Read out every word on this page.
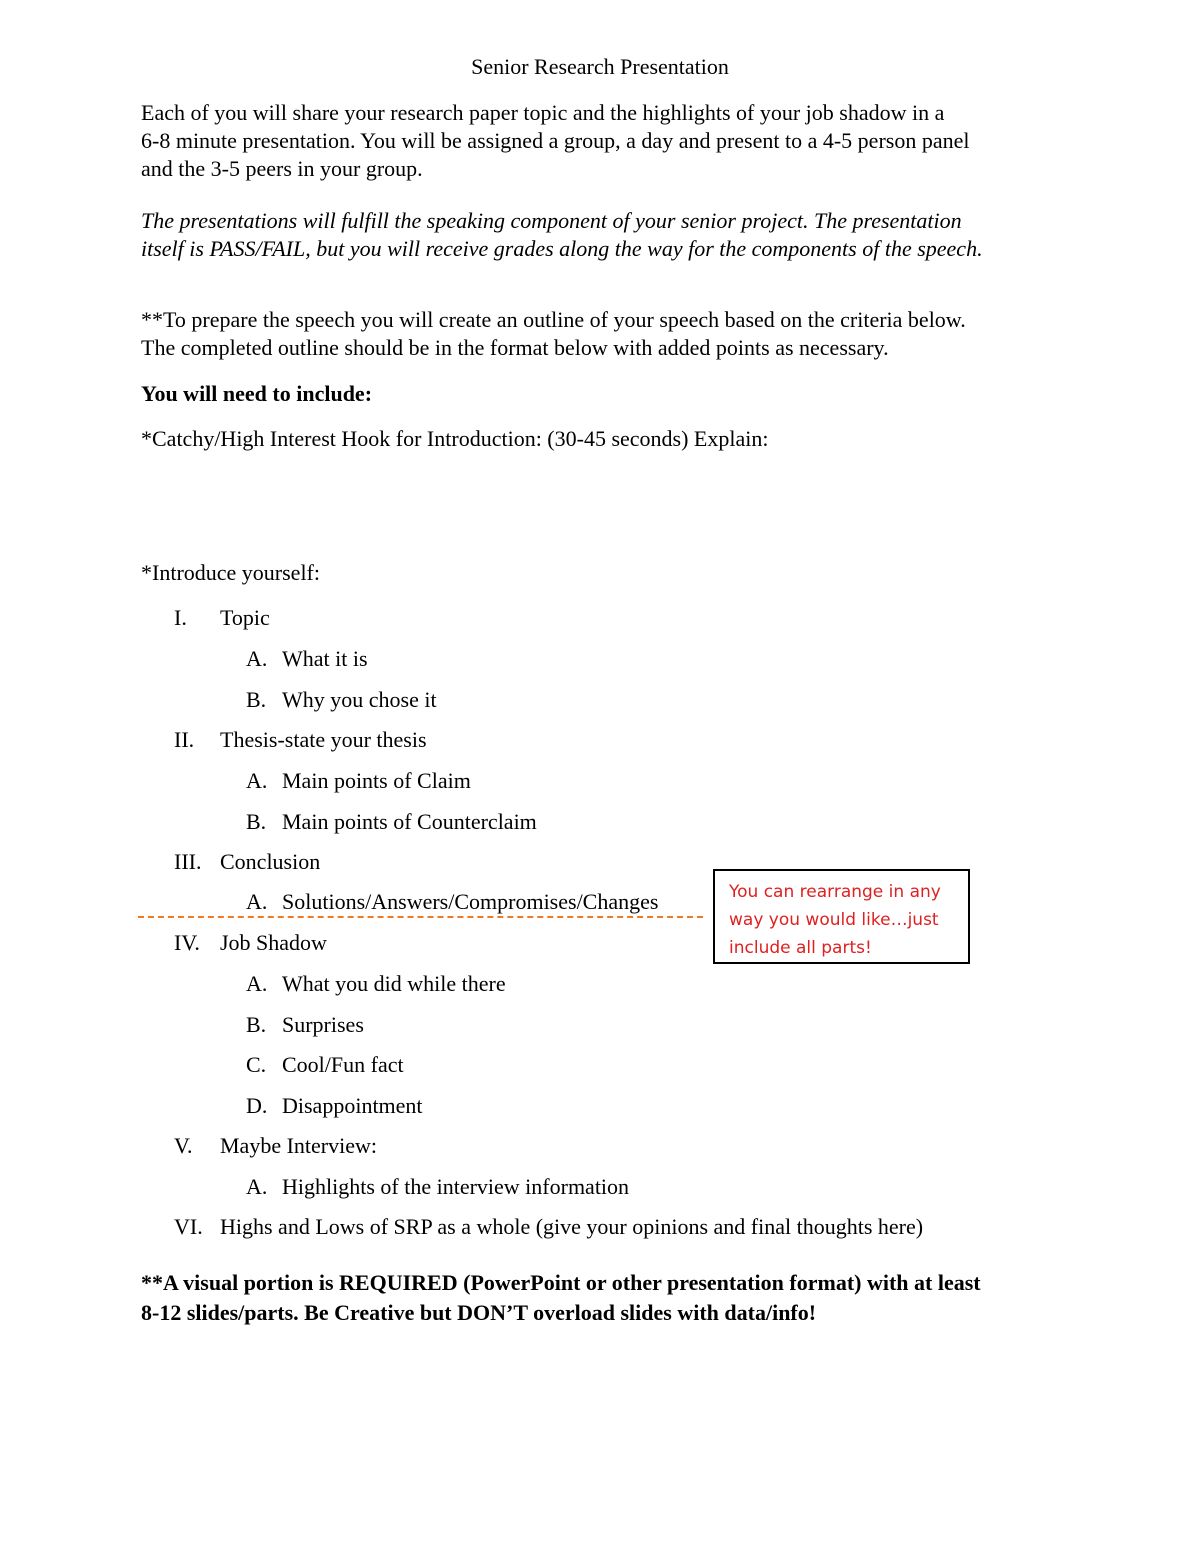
Senior Research Presentation

Each of you will share your research paper topic and the highlights of your job shadow in a
6-8 minute presentation. You will be assigned a group, a day and present to a 4-5 person panel
and the 3-5 peers in your group.

The presentations will fulfill the speaking component of your senior project. The presentation
itself is PASS/FAIL, but you will receive grades along the way for the components of the speech.

**To prepare the speech you will create an outline of your speech based on the criteria below.
The completed outline should be in the format below with added points as necessary.

You will need to include:

*Catchy/High Interest Hook for Introduction: (30-45 seconds) Explain:

*Introduce yourself:

I. Topic
A. What it is
B. Why you chose it
II. Thesis-state your thesis
A. Main points of Claim
B. Main points of Counterclaim
III. Conclusion
A. Solutions/Answers/Compromises/Changes
IV. Job Shadow
A. What you did while there
B. Surprises
C. Cool/Fun fact
D. Disappointment
V. Maybe Interview:
A. Highlights of the interview information
VI. Highs and Lows of SRP as a whole (give your opinions and final thoughts here)
You can rearrange in any
way you would like…just
include all parts!

**A visual portion is REQUIRED (PowerPoint or other presentation format) with at least
8-12 slides/parts. Be Creative but DON’T overload slides with data/info!
